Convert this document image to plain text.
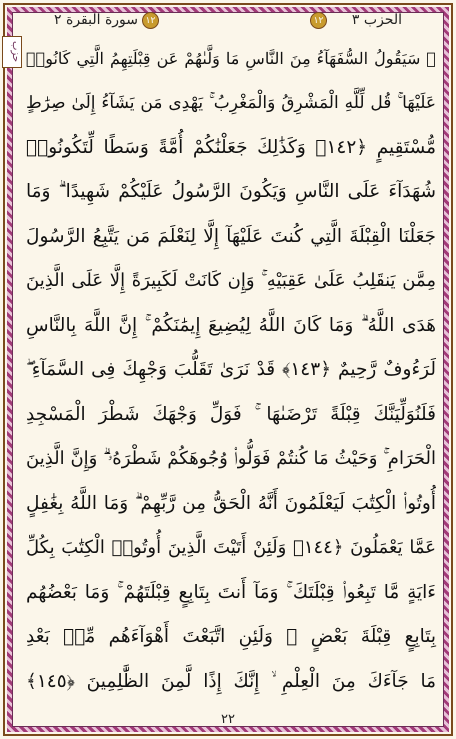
الحزب ٣
سورة البقرة ٢ ١٢	١٢
حزب ۞ سَيَقُولُ السُّفَهَآءُ مِنَ النَّاسِ مَا وَلَّىٰهُمْ عَن قِبْلَتِهِمُ الَّتِي كَانُوا۟
عَلَيْهَا ۚ قُل لِّلَّهِ الْمَشْرِقُ وَالْمَغْرِبُ ۚ يَهْدِى مَن يَشَآءُ إِلَىٰ صِرَٰطٍ
مُّسْتَقِيمٍ ﴿١٤٢﴾ وَكَذَٰلِكَ جَعَلْنَٰكُمْ أُمَّةً وَسَطًا لِّتَكُونُوا۟
شُهَدَآءَ عَلَى النَّاسِ وَيَكُونَ الرَّسُولُ عَلَيْكُمْ شَهِيدًا ۗ وَمَا
جَعَلْنَا الْقِبْلَةَ الَّتِي كُنتَ عَلَيْهَآ إِلَّا لِنَعْلَمَ مَن يَتَّبِعُ الرَّسُولَ
مِمَّن يَنقَلِبُ عَلَىٰ عَقِبَيْهِ ۚ وَإِن كَانَتْ لَكَبِيرَةً إِلَّا عَلَى الَّذِينَ
هَدَى اللَّهُ ۗ وَمَا كَانَ اللَّهُ لِيُضِيعَ إِيمَٰنَكُمْ ۚ إِنَّ اللَّهَ بِالنَّاسِ
لَرَءُوفٌ رَّحِيمٌ ﴿١٤٣﴾ قَدْ نَرَىٰ تَقَلُّبَ وَجْهِكَ فِى السَّمَآءِ ۖ
فَلَنُوَلِّيَنَّكَ قِبْلَةً تَرْضَىٰهَا ۚ فَوَلِّ وَجْهَكَ شَطْرَ الْمَسْجِدِ
الْحَرَامِ ۚ وَحَيْثُ مَا كُنتُمْ فَوَلُّوا۟ وُجُوهَكُمْ شَطْرَهُۥ ۗ وَإِنَّ الَّذِينَ
أُوتُوا۟ الْكِتَٰبَ لَيَعْلَمُونَ أَنَّهُ الْحَقُّ مِن رَّبِّهِمْ ۗ وَمَا اللَّهُ بِغَٰفِلٍ
عَمَّا يَعْمَلُونَ ﴿١٤٤﴾ وَلَئِنْ أَتَيْتَ الَّذِينَ أُوتُوا۟ الْكِتَٰبَ بِكُلِّ
ءَايَةٍ مَّا تَبِعُوا۟ قِبْلَتَكَ ۚ وَمَآ أَنتَ بِتَابِعٍ قِبْلَتَهُمْ ۚ وَمَا بَعْضُهُم
بِتَابِعٍ قِبْلَةَ بَعْضٍ ۚ وَلَئِنِ اتَّبَعْتَ أَهْوَآءَهُم مِّنۢ بَعْدِ
مَا جَآءَكَ مِنَ الْعِلْمِ ۙ إِنَّكَ إِذًا لَّمِنَ الظَّٰلِمِينَ ﴿١٤٥﴾
٢٢
